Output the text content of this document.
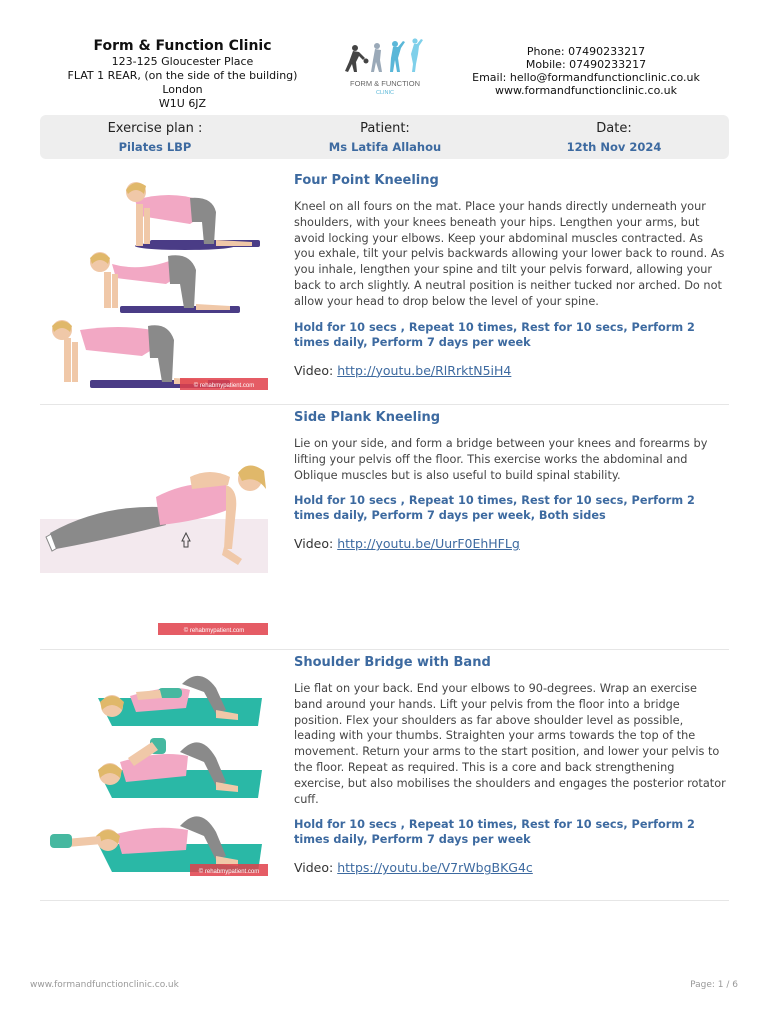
Form & Function Clinic
123-125 Gloucester Place
FLAT 1 REAR, (on the side of the building)
London
W1U 6JZ
FORM & FUNCTION
CLINIC
Phone: 07490233217
Mobile: 07490233217
Email: hello@formandfunctionclinic.co.uk
www.formandfunctionclinic.co.uk
Exercise plan :
Pilates LBP
Patient:
Ms Latifa Allahou
Date:
12th Nov 2024
© rehabmypatient.com
Four Point Kneeling

Kneel on all fours on the mat. Place your hands directly underneath your shoulders, with your knees beneath your hips. Lengthen your arms, but avoid locking your elbows. Keep your abdominal muscles contracted. As you exhale, tilt your pelvis backwards allowing your lower back to round. As you inhale, lengthen your spine and tilt your pelvis forward, allowing your back to arch slightly. A neutral position is neither tucked nor arched. Do not allow your head to drop below the level of your spine.

Hold for 10 secs , Repeat 10 times, Rest for 10 secs, Perform 2 times daily, Perform 7 days per week

Video: http://youtu.be/RlRrktN5iH4
© rehabmypatient.com
Side Plank Kneeling

Lie on your side, and form a bridge between your knees and forearms by lifting your pelvis off the floor. This exercise works the abdominal and Oblique muscles but is also useful to build spinal stability.

Hold for 10 secs , Repeat 10 times, Rest for 10 secs, Perform 2 times daily, Perform 7 days per week, Both sides

Video: http://youtu.be/UurF0EhHFLg
© rehabmypatient.com
Shoulder Bridge with Band

Lie flat on your back. End your elbows to 90-degrees. Wrap an exercise band around your hands. Lift your pelvis from the floor into a bridge position. Flex your shoulders as far above shoulder level as possible, leading with your thumbs. Straighten your arms towards the top of the movement. Return your arms to the start position, and lower your pelvis to the floor. Repeat as required. This is a core and back strengthening exercise, but also mobilises the shoulders and engages the posterior rotator cuff.

Hold for 10 secs , Repeat 10 times, Rest for 10 secs, Perform 2 times daily, Perform 7 days per week

Video: https://youtu.be/V7rWbgBKG4c
www.formandfunctionclinic.co.uk	Page: 1 / 6
